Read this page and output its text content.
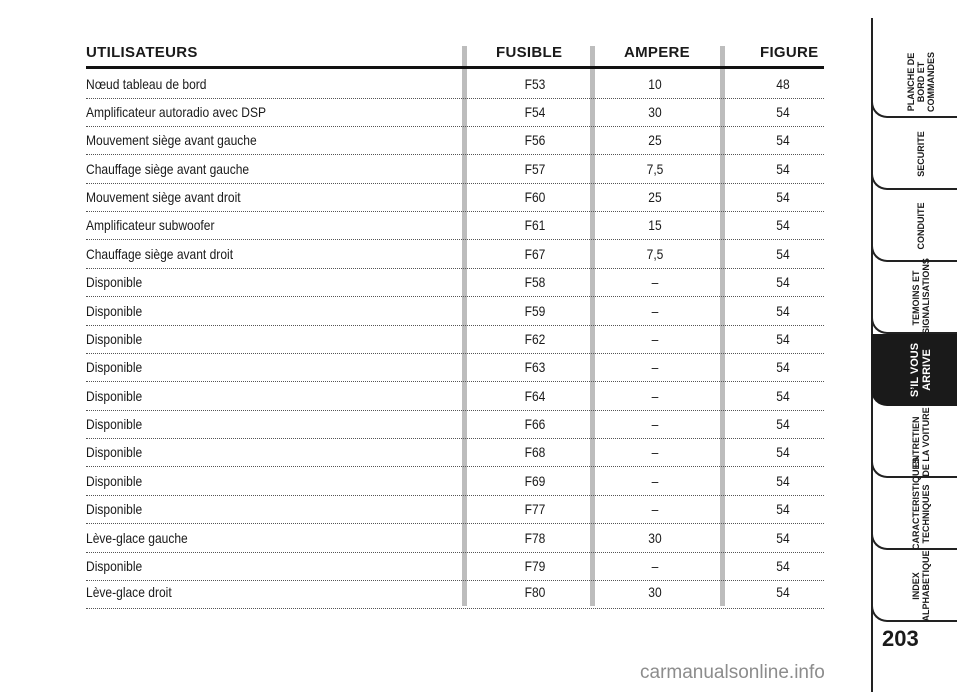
UTILISATEURS	FUSIBLE	AMPERE	FIGURE
Nœud tableau de bord	F53	10	48
Amplificateur autoradio avec DSP	F54	30	54
Mouvement siège avant gauche	F56	25	54
Chauffage siège avant gauche	F57	7,5	54
Mouvement siège avant droit	F60	25	54
Amplificateur subwoofer	F61	15	54
Chauffage siège avant droit	F67	7,5	54
Disponible	F58	–	54
Disponible	F59	–	54
Disponible	F62	–	54
Disponible	F63	–	54
Disponible	F64	–	54
Disponible	F66	–	54
Disponible	F68	–	54
Disponible	F69	–	54
Disponible	F77	–	54
Lève-glace gauche	F78	30	54
Disponible	F79	–	54
Lève-glace droit	F80	30	54
PLANCHE DE
BORD ET
COMMANDES
SECURITE
CONDUITE
TEMOINS ET
SIGNALISATIONS
S’IL VOUS
ARRIVE
ENTRETIEN
DE LA VOITURE
CARACTERISTIQUES
TECHNIQUES
INDEX
ALPHABETIQUE
203
carmanualsonline.info
